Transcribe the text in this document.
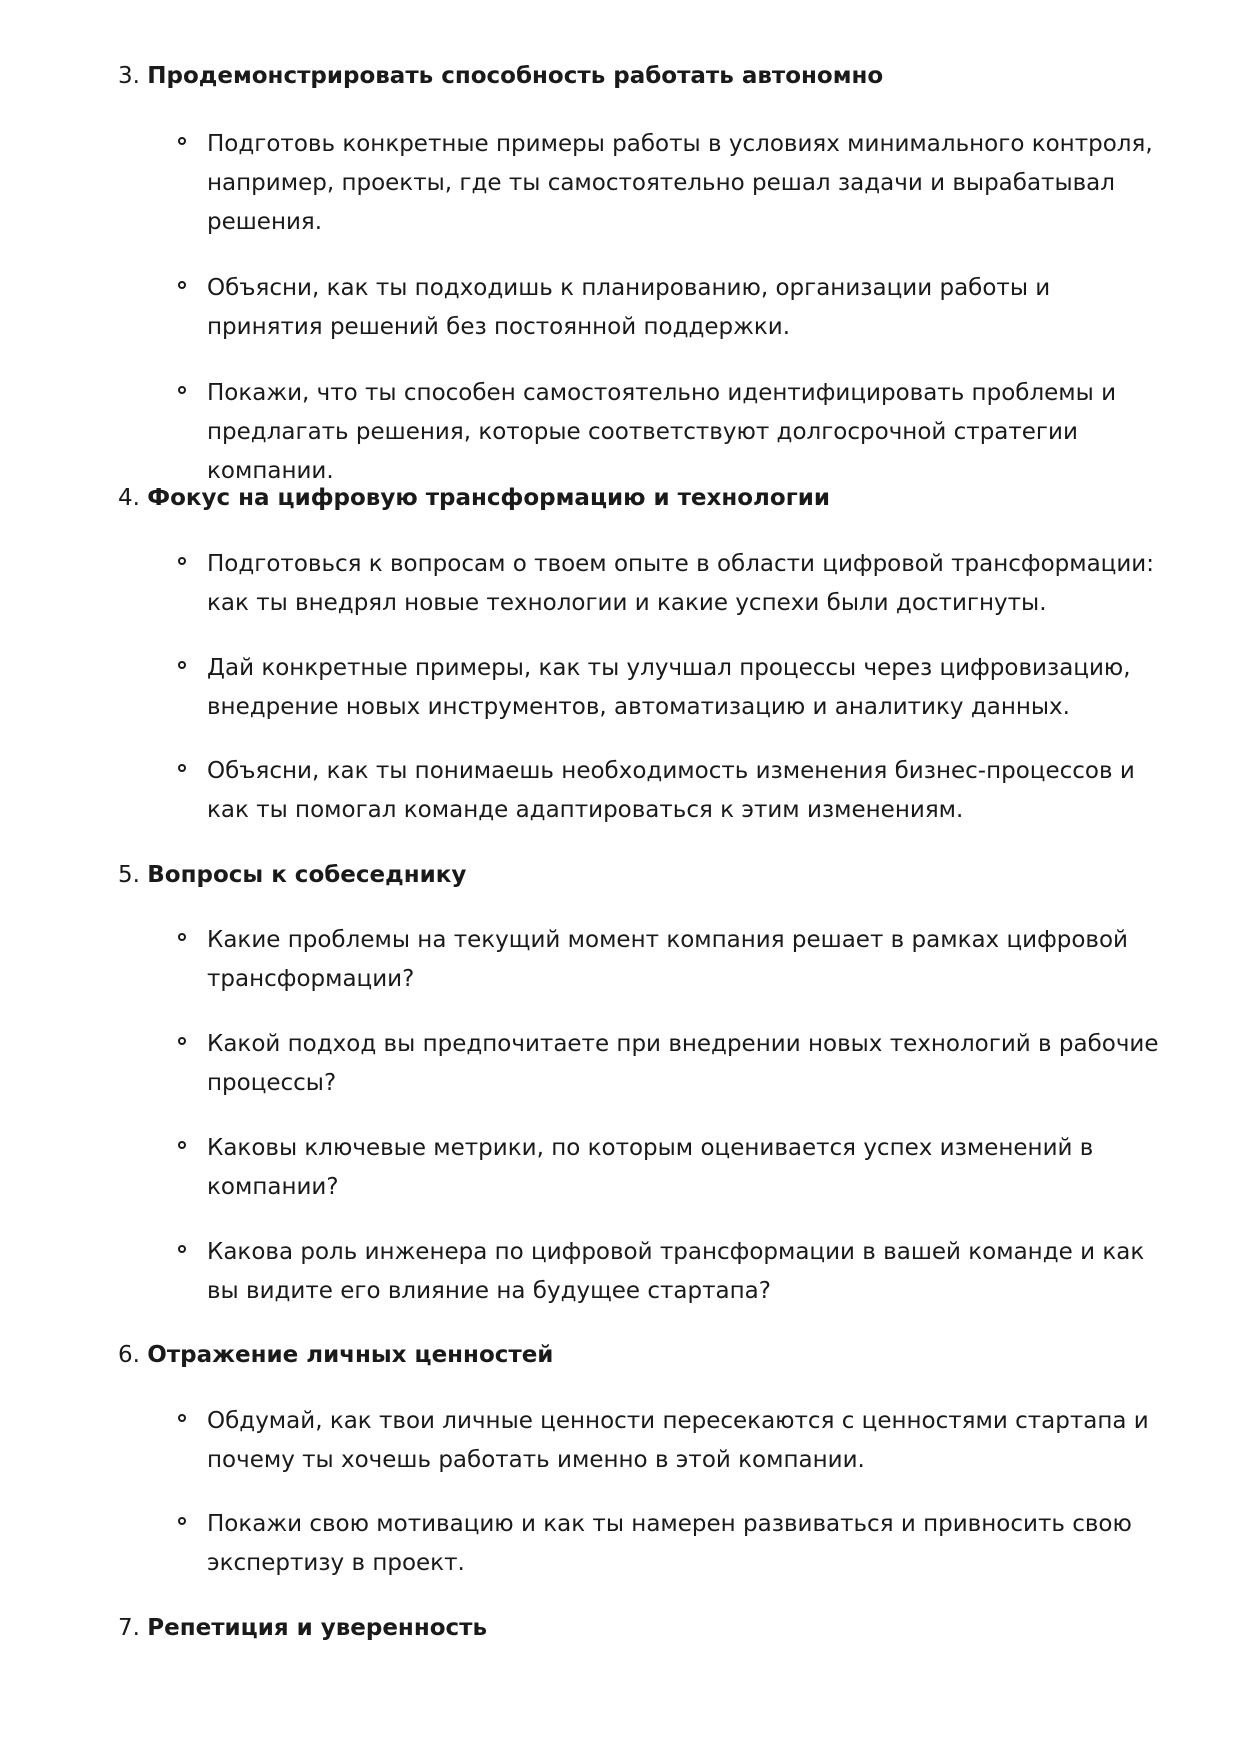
3. Продемонстрировать способность работать автономно
Подготовь конкретные примеры работы в условиях минимального контроля, например, проекты, где ты самостоятельно решал задачи и вырабатывал решения.
Объясни, как ты подходишь к планированию, организации работы и принятия решений без постоянной поддержки.
Покажи, что ты способен самостоятельно идентифицировать проблемы и предлагать решения, которые соответствуют долгосрочной стратегии компании.
4. Фокус на цифровую трансформацию и технологии
Подготовься к вопросам о твоем опыте в области цифровой трансформации: как ты внедрял новые технологии и какие успехи были достигнуты.
Дай конкретные примеры, как ты улучшал процессы через цифровизацию, внедрение новых инструментов, автоматизацию и аналитику данных.
Объясни, как ты понимаешь необходимость изменения бизнес-процессов и как ты помогал команде адаптироваться к этим изменениям.
5. Вопросы к собеседнику
Какие проблемы на текущий момент компания решает в рамках цифровой трансформации?
Какой подход вы предпочитаете при внедрении новых технологий в рабочие процессы?
Каковы ключевые метрики, по которым оценивается успех изменений в компании?
Какова роль инженера по цифровой трансформации в вашей команде и как вы видите его влияние на будущее стартапа?
6. Отражение личных ценностей
Обдумай, как твои личные ценности пересекаются с ценностями стартапа и почему ты хочешь работать именно в этой компании.
Покажи свою мотивацию и как ты намерен развиваться и привносить свою экспертизу в проект.
7. Репетиция и уверенность
